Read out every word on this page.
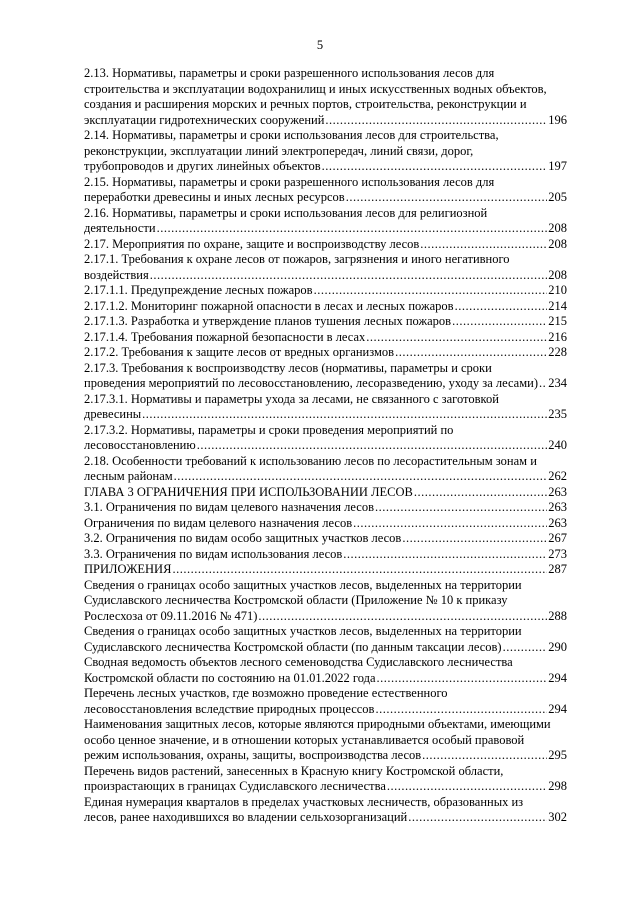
5
2.13. Нормативы, параметры и сроки разрешенного использования лесов для
строительства и эксплуатации водохранилищ и иных искусственных водных объектов,
создания и расширения морских и речных портов, строительства, реконструкции и
эксплуатации гидротехнических сооружений .....	196
2.14. Нормативы, параметры и сроки использования лесов для строительства,
реконструкции, эксплуатации линий электропередач, линий связи, дорог,
трубопроводов и других линейных объектов .....	197
2.15. Нормативы, параметры и сроки разрешенного использования лесов для
переработки древесины и иных лесных ресурсов .....	205
2.16. Нормативы, параметры и сроки использования лесов для религиозной
деятельности .....	208
2.17. Мероприятия по охране, защите и воспроизводству лесов .....	208
2.17.1. Требования к охране лесов от пожаров, загрязнения и иного негативного
воздействия .....	208
2.17.1.1. Предупреждение лесных пожаров .....	210
2.17.1.2. Мониторинг пожарной опасности в лесах и лесных пожаров .....	214
2.17.1.3. Разработка и утверждение планов тушения лесных пожаров .....	215
2.17.1.4. Требования пожарной безопасности в лесах .....	216
2.17.2. Требования к защите лесов от вредных организмов .....	228
2.17.3. Требования к воспроизводству лесов (нормативы, параметры и сроки
проведения мероприятий по лесовосстановлению, лесоразведению, уходу за лесами) ..... 234
2.17.3.1. Нормативы и параметры ухода за лесами, не связанного с заготовкой
древесины .....	235
2.17.3.2. Нормативы, параметры и сроки проведения мероприятий по
лесовосстановлению .....	240
2.18. Особенности требований к использованию лесов по лесорастительным зонам и
лесным районам .....	262
ГЛАВА 3 ОГРАНИЧЕНИЯ ПРИ ИСПОЛЬЗОВАНИИ ЛЕСОВ .....	263
3.1. Ограничения по видам целевого назначения лесов .....	263
Ограничения по видам целевого назначения лесов .....	263
3.2. Ограничения по видам особо защитных участков лесов .....	267
3.3. Ограничения по видам использования лесов .....	273
ПРИЛОЖЕНИЯ .....	287
Сведения о границах особо защитных участков лесов, выделенных на территории
Судиславского лесничества Костромской области (Приложение № 10 к приказу
Рослесхоза от 09.11.2016 № 471) .....	288
Сведения о границах особо защитных участков лесов, выделенных на территории
Судиславского лесничества Костромской области (по данным таксации лесов) .....	290
Сводная ведомость объектов лесного семеноводства Судиславского лесничества
Костромской области по состоянию на 01.01.2022 года .....	294
Перечень лесных участков, где возможно проведение естественного
лесовосстановления вследствие природных процессов .....	294
Наименования защитных лесов, которые являются природными объектами, имеющими
особо ценное значение, и в отношении которых устанавливается особый правовой
режим использования, охраны, защиты, воспроизводства лесов .....	295
Перечень видов растений, занесенных в Красную книгу Костромской области,
произрастающих в границах Судиславского лесничества .....	298
Единая нумерация кварталов в пределах участковых лесничеств, образованных из
лесов, ранее находившихся во владении сельхозорганизаций .....	302
